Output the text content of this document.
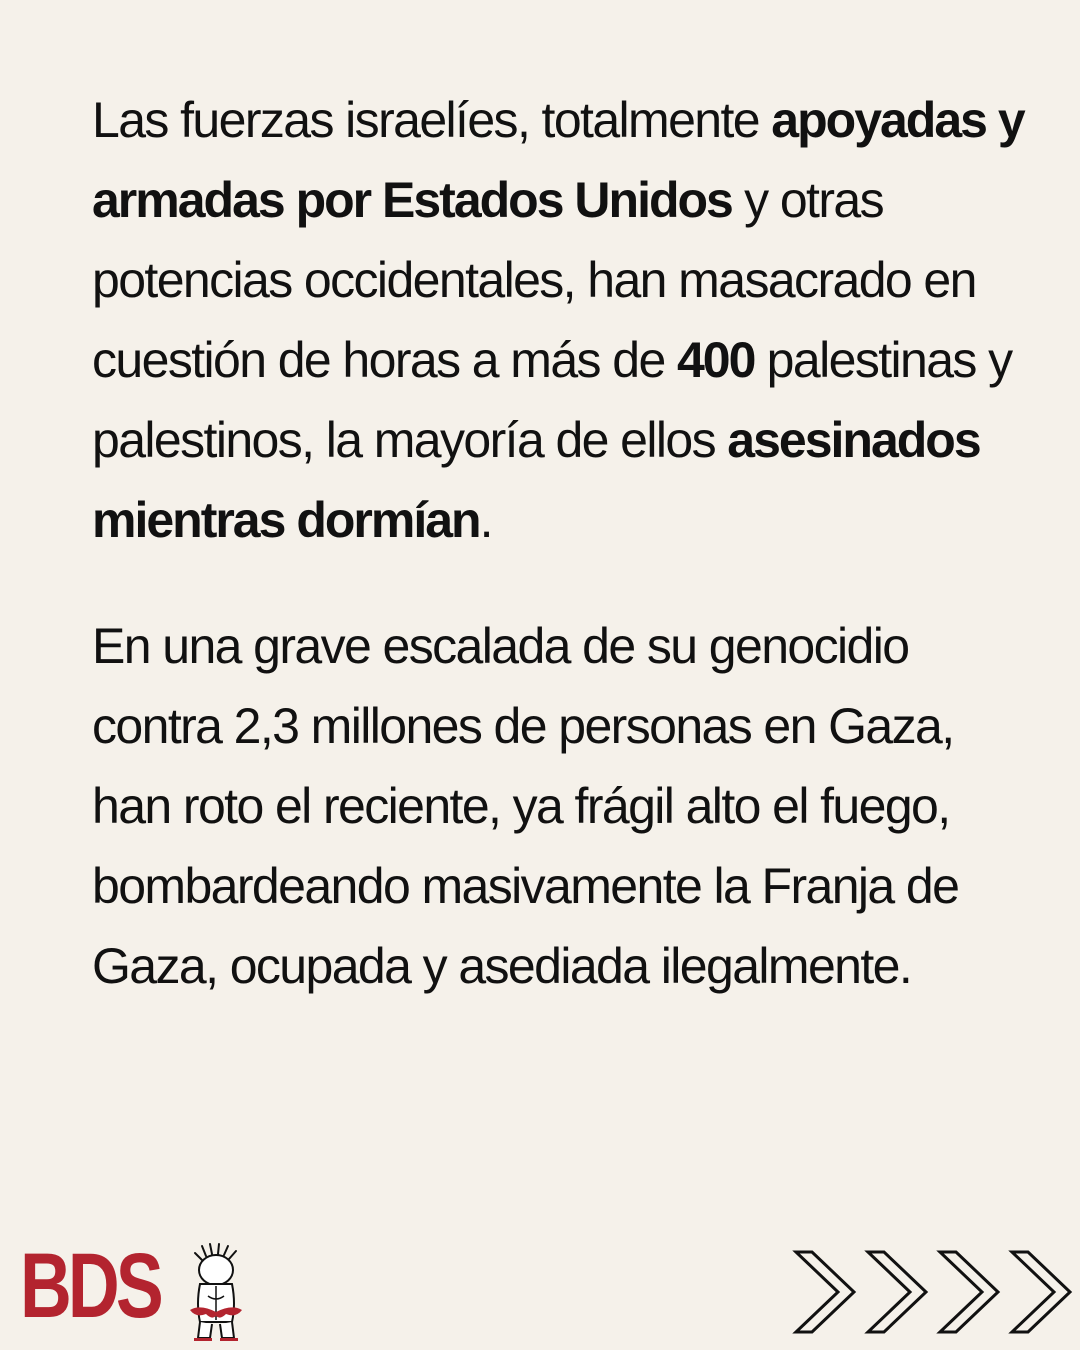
Las fuerzas israelíes, totalmente apoyadas y armadas por Estados Unidos y otras potencias occidentales, han masacrado en cuestión de horas a más de 400 palestinas y palestinos, la mayoría de ellos asesinados mientras dormían.

En una grave escalada de su genocidio contra 2,3 millones de personas en Gaza, han roto el reciente, ya frágil alto el fuego, bombardeando masivamente la Franja de Gaza, ocupada y asediada ilegalmente.

BDS
